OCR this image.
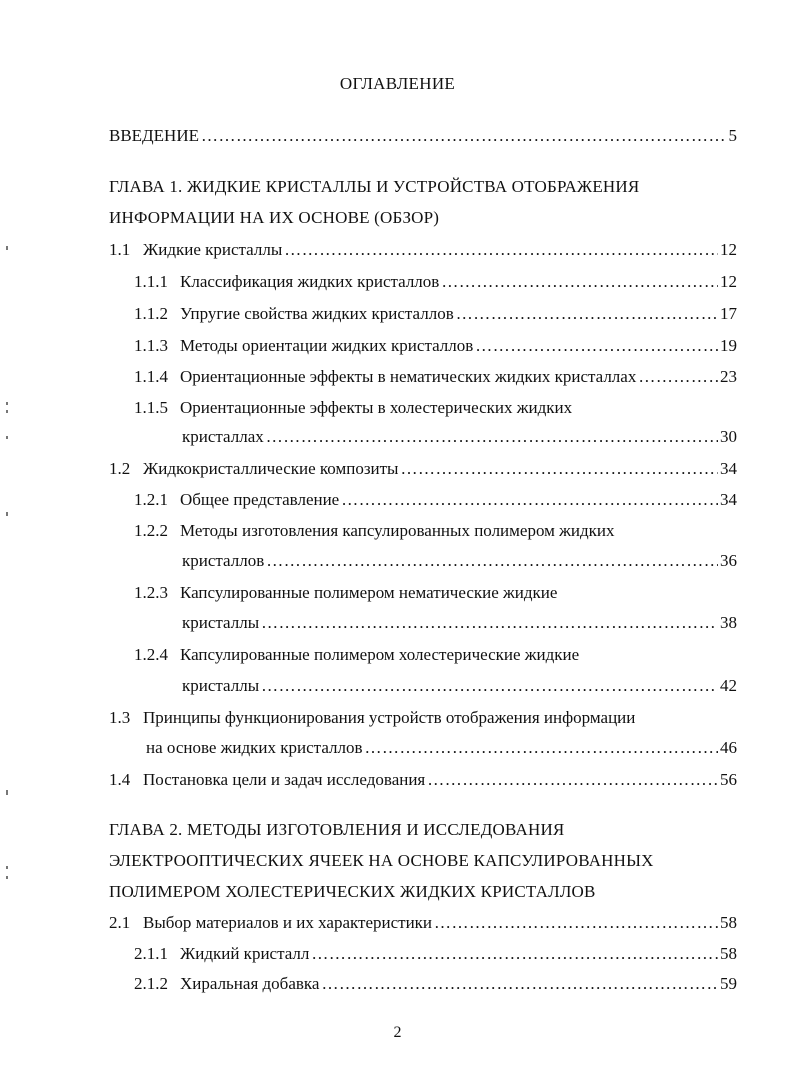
ОГЛАВЛЕНИЕ
ВВЕДЕНИЕ …………………………………………………………………………………………………………………………………………………………………………………………………………	5
ГЛАВА 1. ЖИДКИЕ КРИСТАЛЛЫ И УСТРОЙСТВА ОТОБРАЖЕНИЯ
ИНФОРМАЦИИ НА ИХ ОСНОВЕ (ОБЗОР)
1.1 Жидкие кристаллы …………………………………………………………………………………………………………………………………………………………………………………………………………	12
1.1.1 Классификация жидких кристаллов …………………………………………………………………………………………………………………………………………………………………………………………………………	12
1.1.2 Упругие свойства жидких кристаллов …………………………………………………………………………………………………………………………………………………………………………………………………………	17
1.1.3 Методы ориентации жидких кристаллов …………………………………………………………………………………………………………………………………………………………………………………………………………	19
1.1.4 Ориентационные эффекты в нематических жидких кристаллах …………………………………………………………………………………………………………………………………………………………………………………………………………	23
1.1.5 Ориентационные эффекты в холестерических жидких
кристаллах …………………………………………………………………………………………………………………………………………………………………………………………………………	30
1.2 Жидкокристаллические композиты …………………………………………………………………………………………………………………………………………………………………………………………………………	34
1.2.1 Общее представление …………………………………………………………………………………………………………………………………………………………………………………………………………	34
1.2.2 Методы изготовления капсулированных полимером жидких
кристаллов …………………………………………………………………………………………………………………………………………………………………………………………………………	36
1.2.3 Капсулированные полимером нематические жидкие
кристаллы …………………………………………………………………………………………………………………………………………………………………………………………………………	38
1.2.4 Капсулированные полимером холестерические жидкие
кристаллы …………………………………………………………………………………………………………………………………………………………………………………………………………	42
1.3 Принципы функционирования устройств отображения информации
на основе жидких кристаллов …………………………………………………………………………………………………………………………………………………………………………………………………………	46
1.4 Постановка цели и задач исследования …………………………………………………………………………………………………………………………………………………………………………………………………………	56
ГЛАВА 2. МЕТОДЫ ИЗГОТОВЛЕНИЯ И ИССЛЕДОВАНИЯ
ЭЛЕКТРООПТИЧЕСКИХ ЯЧЕЕК НА ОСНОВЕ КАПСУЛИРОВАННЫХ
ПОЛИМЕРОМ ХОЛЕСТЕРИЧЕСКИХ ЖИДКИХ КРИСТАЛЛОВ
2.1 Выбор материалов и их характеристики …………………………………………………………………………………………………………………………………………………………………………………………………………	58
2.1.1 Жидкий кристалл …………………………………………………………………………………………………………………………………………………………………………………………………………	58
2.1.2 Хиральная добавка …………………………………………………………………………………………………………………………………………………………………………………………………………	59
2
